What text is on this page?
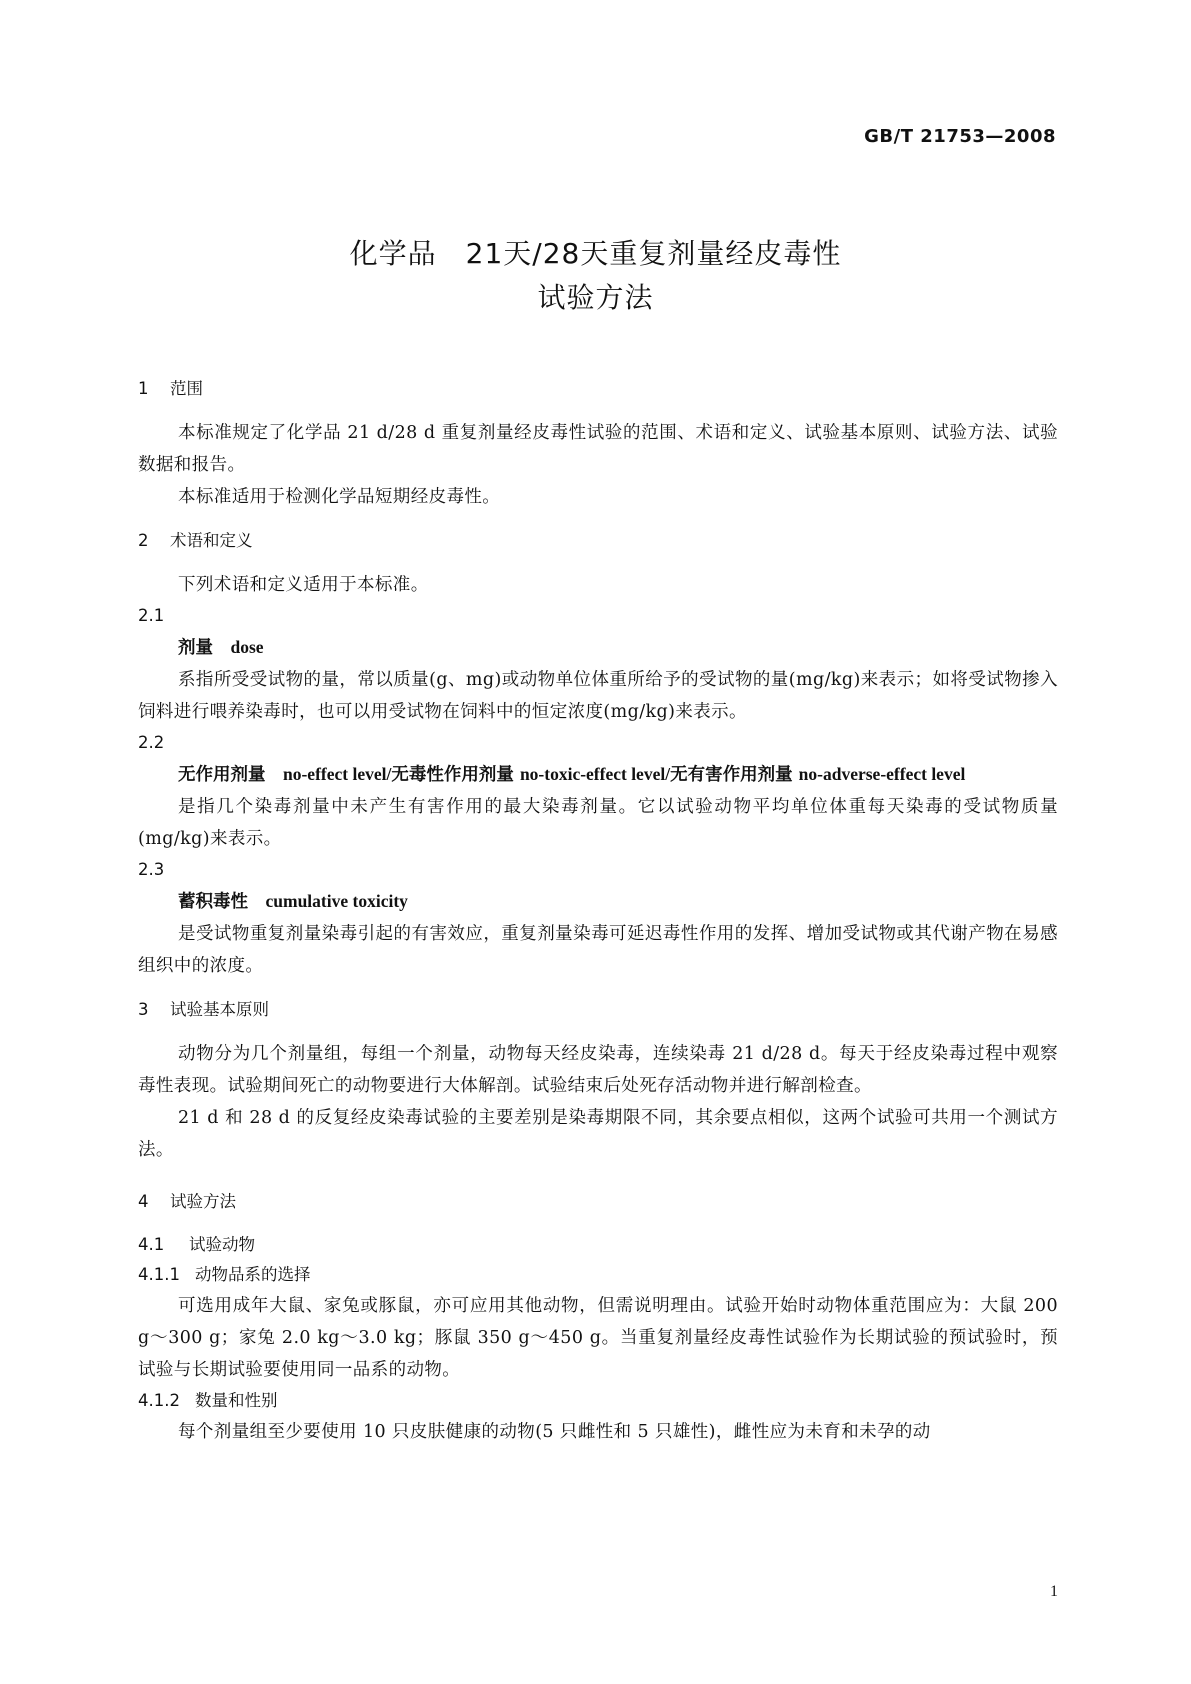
GB/T 21753—2008
化学品　21天/28天重复剂量经皮毒性
试验方法
1 范围

本标准规定了化学品 21 d/28 d 重复剂量经皮毒性试验的范围、术语和定义、试验基本原则、试验方法、试验数据和报告。

本标准适用于检测化学品短期经皮毒性。

2 术语和定义

下列术语和定义适用于本标准。

2.1

剂量　 dose

系指所受受试物的量，常以质量(g、mg)或动物单位体重所给予的受试物的量(mg/kg)来表示；如将受试物掺入饲料进行喂养染毒时，也可以用受试物在饲料中的恒定浓度(mg/kg)来表示。

2.2

无作用剂量　 no-effect level/无毒性作用剂量 no-toxic-effect level/无有害作用剂量 no-adverse-effect level

是指几个染毒剂量中未产生有害作用的最大染毒剂量。它以试验动物平均单位体重每天染毒的受试物质量(mg/kg)来表示。

2.3

蓄积毒性　 cumulative toxicity

是受试物重复剂量染毒引起的有害效应，重复剂量染毒可延迟毒性作用的发挥、增加受试物或其代谢产物在易感组织中的浓度。

3 试验基本原则

动物分为几个剂量组，每组一个剂量，动物每天经皮染毒，连续染毒 21 d/28 d。每天于经皮染毒过程中观察毒性表现。试验期间死亡的动物要进行大体解剖。试验结束后处死存活动物并进行解剖检查。

21 d 和 28 d 的反复经皮染毒试验的主要差别是染毒期限不同，其余要点相似，这两个试验可共用一个测试方法。

4 试验方法
4.1 试验动物
4.1.1 动物品系的选择

可选用成年大鼠、家兔或豚鼠，亦可应用其他动物，但需说明理由。试验开始时动物体重范围应为：大鼠 200 g～300 g；家兔 2.0 kg～3.0 kg；豚鼠 350 g～450 g。当重复剂量经皮毒性试验作为长期试验的预试验时，预试验与长期试验要使用同一品系的动物。

4.1.2 数量和性别

每个剂量组至少要使用 10 只皮肤健康的动物(5 只雌性和 5 只雄性)，雌性应为未育和未孕的动

1
